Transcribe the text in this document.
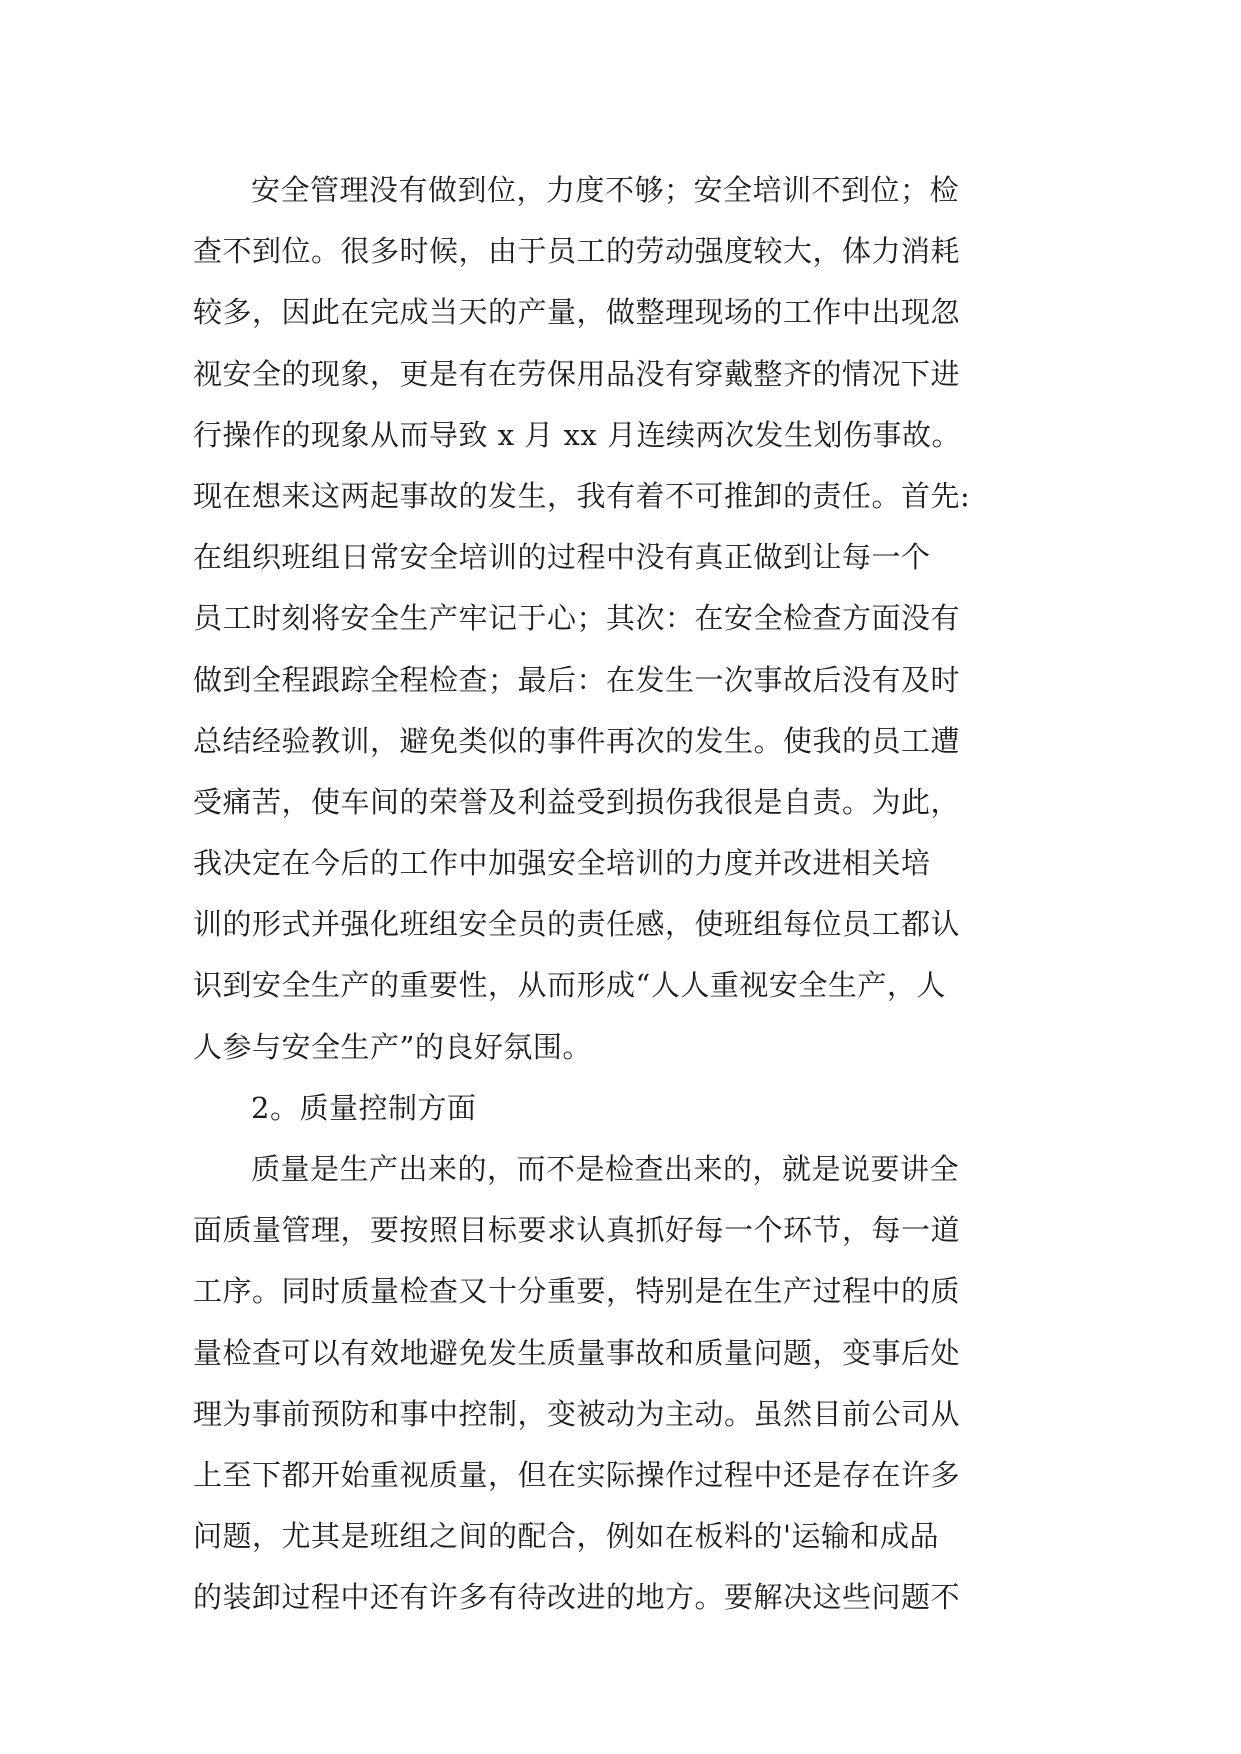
安全管理没有做到位，力度不够；安全培训不到位；检
查不到位。很多时候，由于员工的劳动强度较大，体力消耗
较多，因此在完成当天的产量，做整理现场的工作中出现忽
视安全的现象，更是有在劳保用品没有穿戴整齐的情况下进
行操作的现象从而导致 x 月 xx 月连续两次发生划伤事故。
现在想来这两起事故的发生，我有着不可推卸的责任。首先:
在组织班组日常安全培训的过程中没有真正做到让每一个
员工时刻将安全生产牢记于心；其次：在安全检查方面没有
做到全程跟踪全程检查；最后：在发生一次事故后没有及时
总结经验教训，避免类似的事件再次的发生。使我的员工遭
受痛苦，使车间的荣誉及利益受到损伤我很是自责。为此，
我决定在今后的工作中加强安全培训的力度并改进相关培
训的形式并强化班组安全员的责任感，使班组每位员工都认
识到安全生产的重要性，从而形成“人人重视安全生产，人
人参与安全生产”的良好氛围。
2。质量控制方面
质量是生产出来的，而不是检查出来的，就是说要讲全
面质量管理，要按照目标要求认真抓好每一个环节，每一道
工序。同时质量检查又十分重要，特别是在生产过程中的质
量检查可以有效地避免发生质量事故和质量问题，变事后处
理为事前预防和事中控制，变被动为主动。虽然目前公司从
上至下都开始重视质量，但在实际操作过程中还是存在许多
问题，尤其是班组之间的配合，例如在板料的'运输和成品
的装卸过程中还有许多有待改进的地方。要解决这些问题不
